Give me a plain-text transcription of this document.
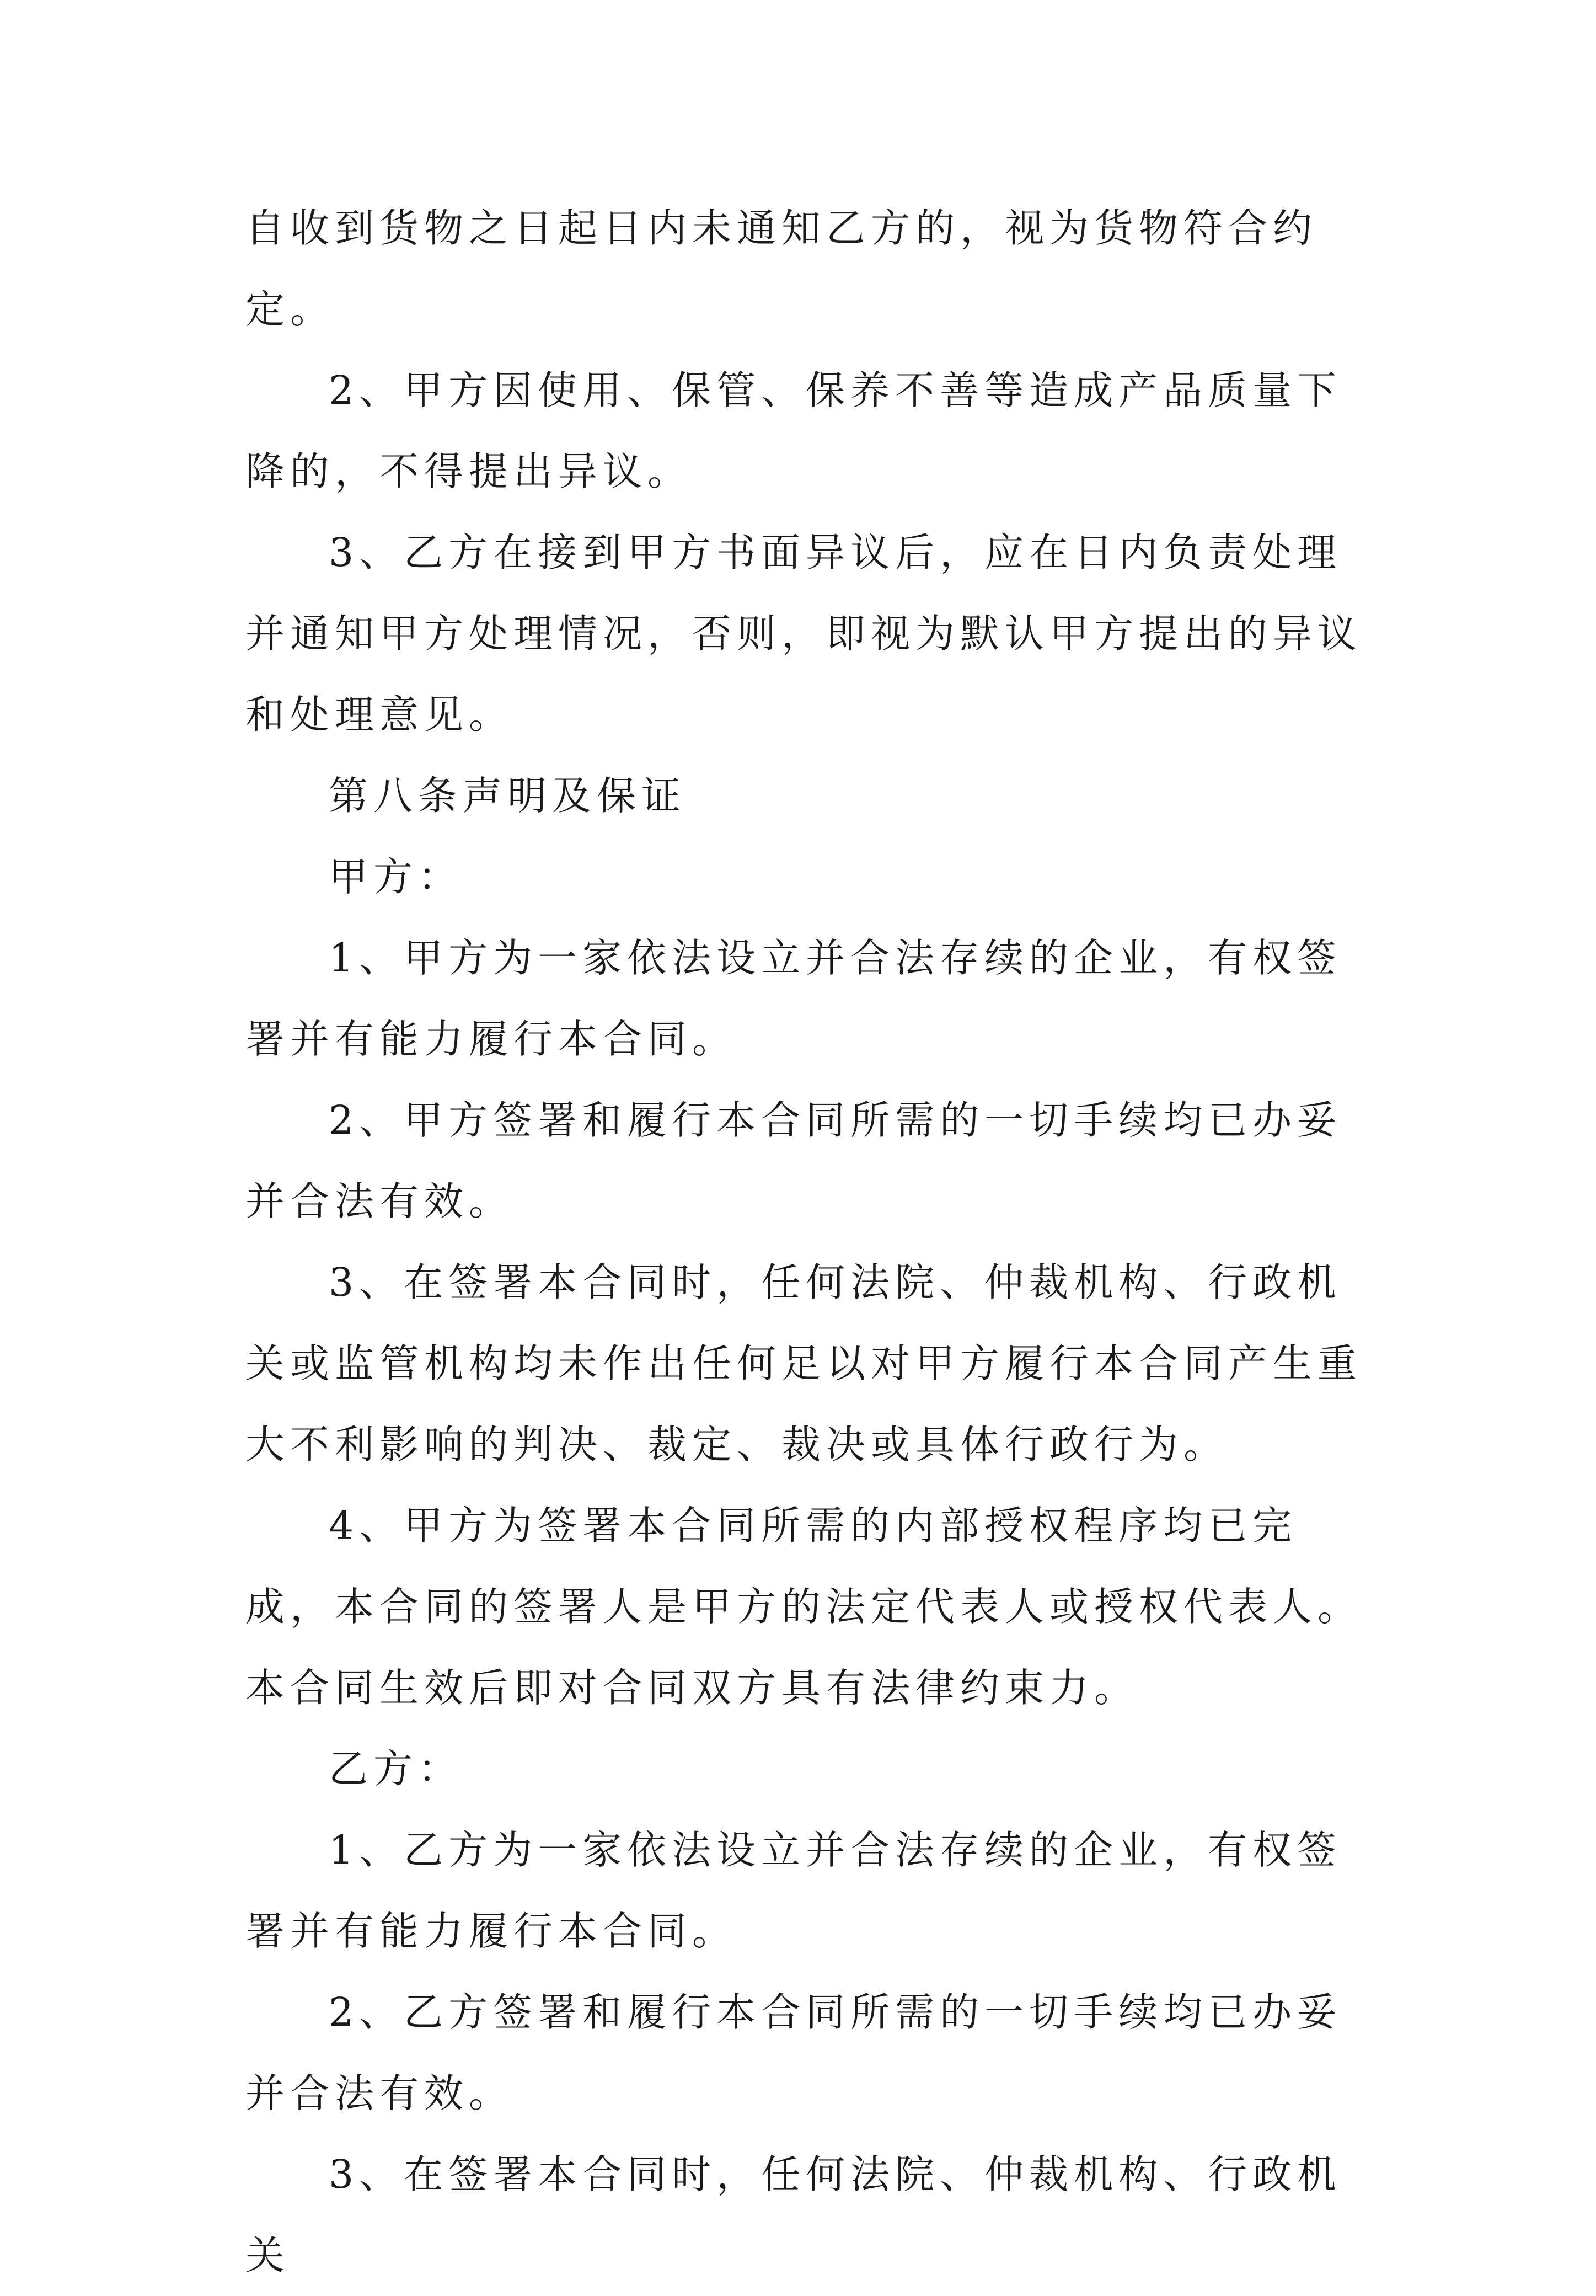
自收到货物之日起日内未通知乙方的，视为货物符合约定。

2、甲方因使用、保管、保养不善等造成产品质量下降的，不得提出异议。

3、乙方在接到甲方书面异议后，应在日内负责处理并通知甲方处理情况，否则，即视为默认甲方提出的异议和处理意见。

第八条声明及保证

甲方：

1、甲方为一家依法设立并合法存续的企业，有权签署并有能力履行本合同。

2、甲方签署和履行本合同所需的一切手续均已办妥并合法有效。

3、在签署本合同时，任何法院、仲裁机构、行政机关或监管机构均未作出任何足以对甲方履行本合同产生重大不利影响的判决、裁定、裁决或具体行政行为。

4、甲方为签署本合同所需的内部授权程序均已完成，本合同的签署人是甲方的法定代表人或授权代表人。本合同生效后即对合同双方具有法律约束力。

乙方：

1、乙方为一家依法设立并合法存续的企业，有权签署并有能力履行本合同。

2、乙方签署和履行本合同所需的一切手续均已办妥并合法有效。

3、在签署本合同时，任何法院、仲裁机构、行政机关
